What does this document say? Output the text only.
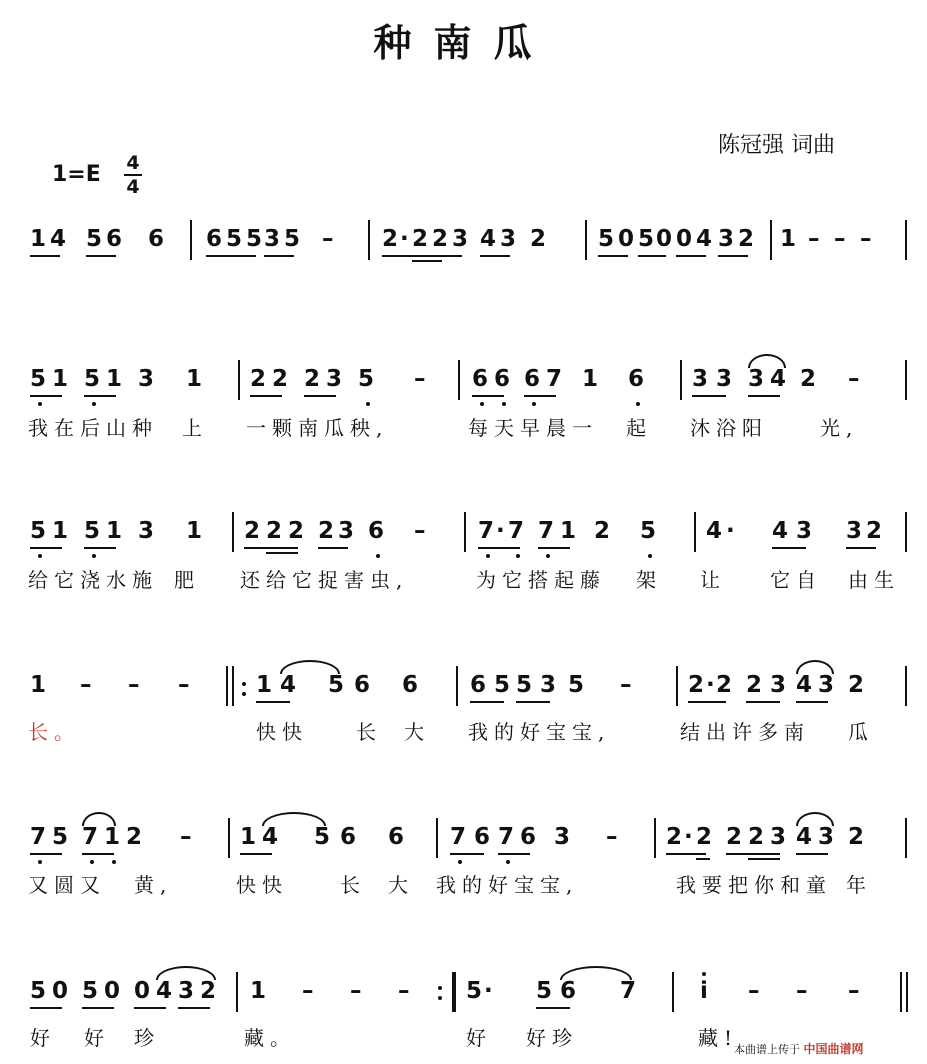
种南瓜
陈冠强 词曲
1=E	4
4
1 4 5 6 6 6 5 5 3 5 – 2 · 2 2 3 4 3 2 5 0 5 0 0 4 3 2 1 – – –
5 1 5 1 3 1 2 2 2 3 5 – 6 6 6 7 1 6 3 3 3 4 2 –
5 1 5 1 3 1 2 2 2 2 3 6 – 7 · 7 7 1 2 5 4 · 4 3 3 2
1 – – –	1 4 5 6 6 6 5 5 3 5 – 2 · 2 2 3 4 3 2
7 5 7 1 2 – 1 4 5 6 6 7 6 7 6 3 – 2 · 2 2 2 3 4 3 2
5 0 5 0 0 4 3 2 1 – – – 5 · 5 6 7	i – – –
我在后山种 上 一颗南瓜秧,	每天早晨一 起 沐浴阳	光,
给它浇水施 肥 还给它捉害虫,	为它搭起藤 架 让 它自 由生
长。	快快 长 大 我的好宝宝,	结出许多南 瓜
又圆又 黄,	快快	长 大 我的好宝宝,	我要把你和童 年
好 好 珍	藏。	好 好珍	藏!
本曲谱上传于 中国曲谱网
